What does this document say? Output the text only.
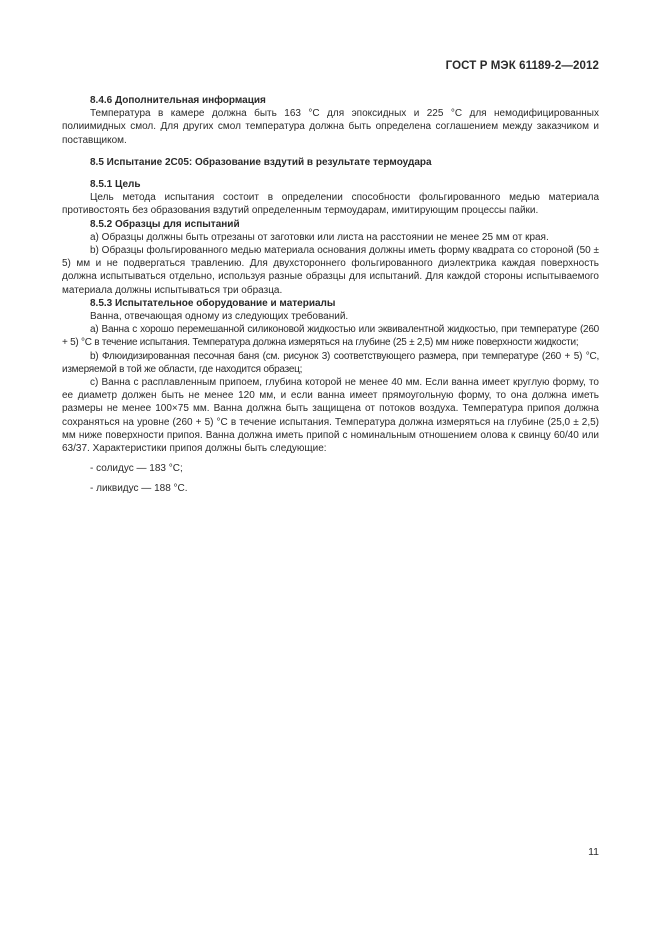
ГОСТ Р МЭК 61189-2—2012

8.4.6 Дополнительная информация

Температура в камере должна быть 163 °С для эпоксидных и 225 °С для немодифицированных полиимидных смол. Для других смол температура должна быть определена соглашением между заказчиком и поставщиком.

8.5 Испытание 2С05: Образование вздутий в результате термоудара

8.5.1 Цель

Цель метода испытания состоит в определении способности фольгированного медью материала противостоять без образования вздутий определенным термоударам, имитирующим процессы пайки.

8.5.2 Образцы для испытаний

а) Образцы должны быть отрезаны от заготовки или листа на расстоянии не менее 25 мм от края.

b) Образцы фольгированного медью материала основания должны иметь форму квадрата со стороной (50 ± 5) мм и не подвергаться травлению. Для двухстороннего фольгированного диэлектрика каждая поверхность должна испытываться отдельно, используя разные образцы для испытаний. Для каждой стороны испытываемого материала должны испытываться три образца.

8.5.3 Испытательное оборудование и материалы

Ванна, отвечающая одному из следующих требований.

а) Ванна с хорошо перемешанной силиконовой жидкостью или эквивалентной жидкостью, при температуре (260 + 5) °С в течение испытания. Температура должна измеряться на глубине (25 ± 2,5) мм ниже поверхности жидкости;

b) Флюидизированная песочная баня (см. рисунок 3) соответствующего размера, при температуре (260 + 5) °С, измеряемой в той же области, где находится образец;

с) Ванна с расплавленным припоем, глубина которой не менее 40 мм. Если ванна имеет круглую форму, то ее диаметр должен быть не менее 120 мм, и если ванна имеет прямоугольную форму, то она должна иметь размеры не менее 100×75 мм. Ванна должна быть защищена от потоков воздуха. Температура припоя должна сохраняться на уровне (260 + 5) °С в течение испытания. Температура должна измеряться на глубине (25,0 ± 2,5) мм ниже поверхности припоя. Ванна должна иметь припой с номинальным отношением олова к свинцу 60/40 или 63/37. Характеристики припоя должны быть следующие:

- солидус — 183 °С;

- ликвидус — 188 °С.

11
